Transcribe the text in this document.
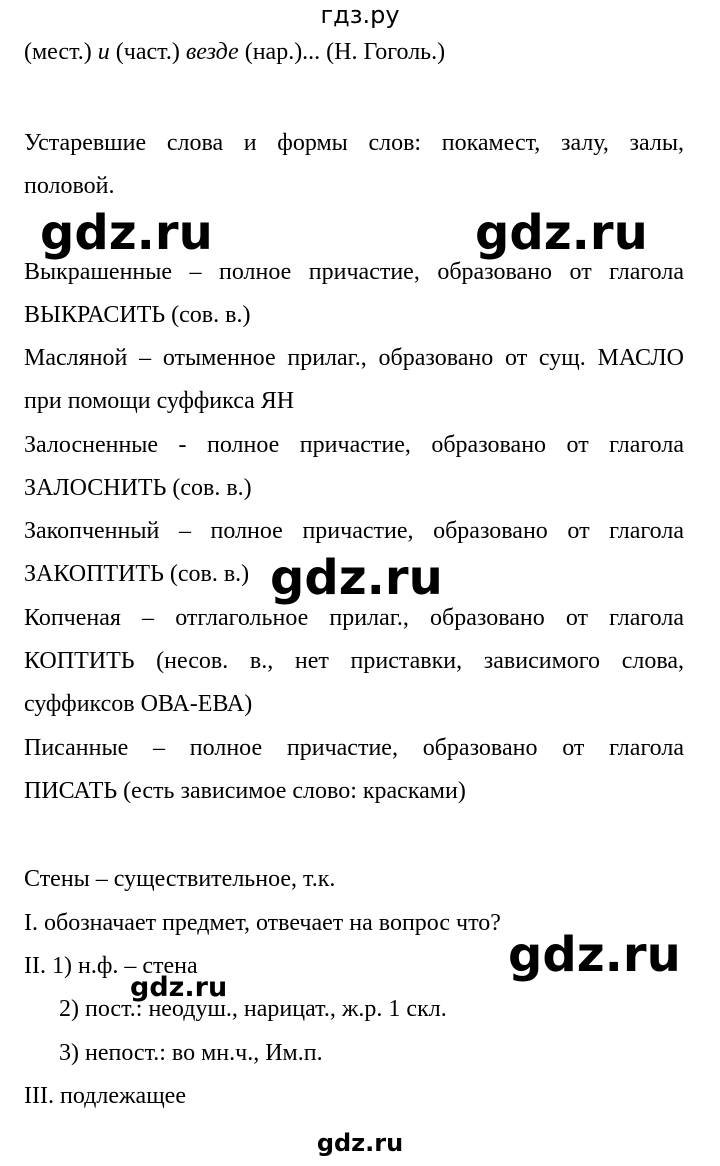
гдз.ру
(мест.) и (част.) везде (нар.)... (Н. Гоголь.)
Устаревшие слова и формы слов: покамест, залу, залы,
половой.
gdz.ru	gdz.ru
Выкрашенные – полное причастие, образовано от глагола
ВЫКРАСИТЬ (сов. в.)
Масляной – отыменное прилаг., образовано от сущ. МАСЛО
при помощи суффикса ЯН
Залосненные - полное причастие, образовано от глагола
ЗАЛОСНИТЬ (сов. в.)
Закопченный – полное причастие, образовано от глагола
ЗАКОПТИТЬ (сов. в.) gdz.ru
Копченая – отглагольное прилаг., образовано от глагола
КОПТИТЬ (несов. в., нет приставки, зависимого слова,
суффиксов ОВА-ЕВА)
Писанные – полное причастие, образовано от глагола
ПИСАТЬ (есть зависимое слово: красками)
Стены – существительное, т.к.
I. обозначает предмет, отвечает на вопрос что?
gdz.ru
II. 1) н.ф. – стена
gdz.ru
2) пост.: неодуш., нарицат., ж.р. 1 скл.
3) непост.: во мн.ч., Им.п.
III. подлежащее
gdz.ru
